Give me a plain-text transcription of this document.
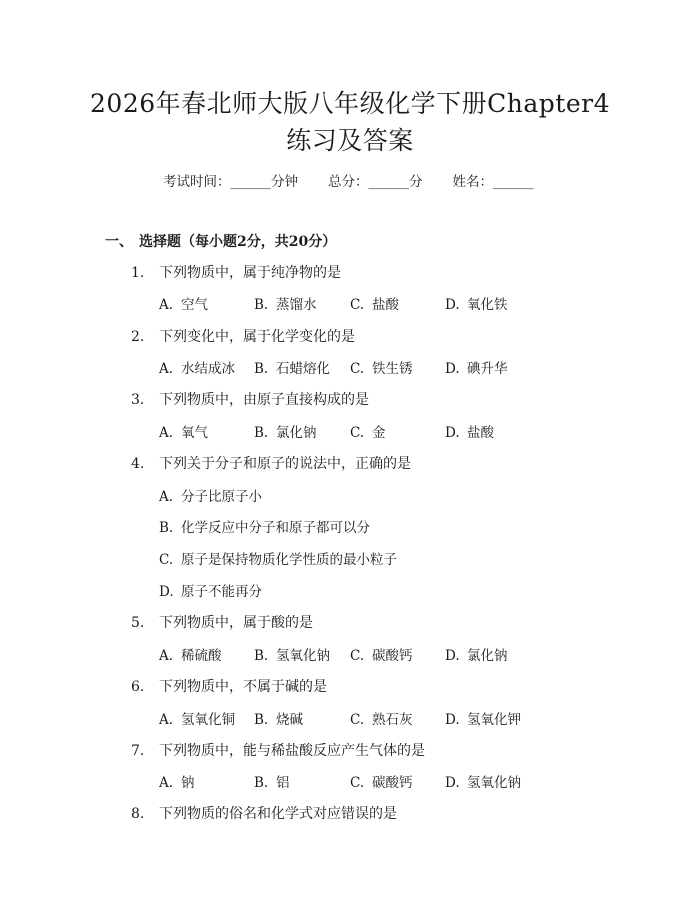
2026年春北师大版八年级化学下册Chapter4
练习及答案
考试时间：______分钟 总分：______分 姓名：______
一、 选择题（每小题2分，共20分）
1. 下列物质中，属于纯净物的是
A. 空气	B. 蒸馏水 C. 盐酸	D. 氧化铁
2. 下列变化中，属于化学变化的是
A. 水结成冰 B. 石蜡熔化 C. 铁生锈 D. 碘升华
3. 下列物质中，由原子直接构成的是
A. 氧气	B. 氯化钠 C. 金	D. 盐酸
4. 下列关于分子和原子的说法中，正确的是
A. 分子比原子小
B. 化学反应中分子和原子都可以分
C. 原子是保持物质化学性质的最小粒子
D. 原子不能再分
5. 下列物质中，属于酸的是
A. 稀硫酸 B. 氢氧化钠 C. 碳酸钙 D. 氯化钠
6. 下列物质中，不属于碱的是
A. 氢氧化铜 B. 烧碱	C. 熟石灰 D. 氢氧化钾
7. 下列物质中，能与稀盐酸反应产生气体的是
A. 钠	B. 铝	C. 碳酸钙 D. 氢氧化钠
8. 下列物质的俗名和化学式对应错误的是
